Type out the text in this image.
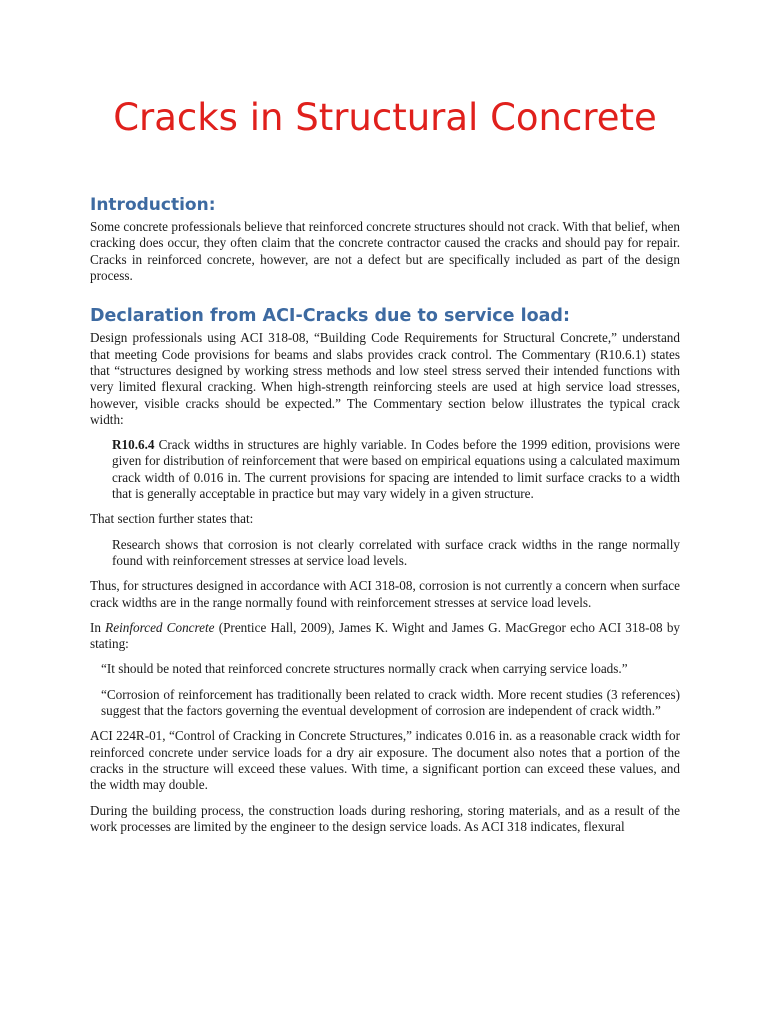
Cracks in Structural Concrete
Introduction:

Some concrete professionals believe that reinforced concrete structures should not crack. With that belief, when cracking does occur, they often claim that the concrete contractor caused the cracks and should pay for repair. Cracks in reinforced concrete, however, are not a defect but are specifically included as part of the design process.

Declaration from ACI-Cracks due to service load:

Design professionals using ACI 318-08, “Building Code Requirements for Structural Concrete,” understand that meeting Code provisions for beams and slabs provides crack control. The Commentary (R10.6.1) states that “structures designed by working stress methods and low steel stress served their intended functions with very limited flexural cracking. When high-strength reinforcing steels are used at high service load stresses, however, visible cracks should be expected.” The Commentary section below illustrates the typical crack width:

R10.6.4 Crack widths in structures are highly variable. In Codes before the 1999 edition, provisions were given for distribution of reinforcement that were based on empirical equations using a calculated maximum crack width of 0.016 in. The current provisions for spacing are intended to limit surface cracks to a width that is generally acceptable in practice but may vary widely in a given structure.

That section further states that:

Research shows that corrosion is not clearly correlated with surface crack widths in the range normally found with reinforcement stresses at service load levels.

Thus, for structures designed in accordance with ACI 318-08, corrosion is not currently a concern when surface crack widths are in the range normally found with reinforcement stresses at service load levels.

In Reinforced Concrete (Prentice Hall, 2009), James K. Wight and James G. MacGregor echo ACI 318-08 by stating:

“It should be noted that reinforced concrete structures normally crack when carrying service loads.”

“Corrosion of reinforcement has traditionally been related to crack width. More recent studies (3 references) suggest that the factors governing the eventual development of corrosion are independent of crack width.”

ACI 224R-01, “Control of Cracking in Concrete Structures,” indicates 0.016 in. as a reasonable crack width for reinforced concrete under service loads for a dry air exposure. The document also notes that a portion of the cracks in the structure will exceed these values. With time, a significant portion can exceed these values, and the width may double.

During the building process, the construction loads during reshoring, storing materials, and as a result of the work processes are limited by the engineer to the design service loads. As ACI 318 indicates, flexural
